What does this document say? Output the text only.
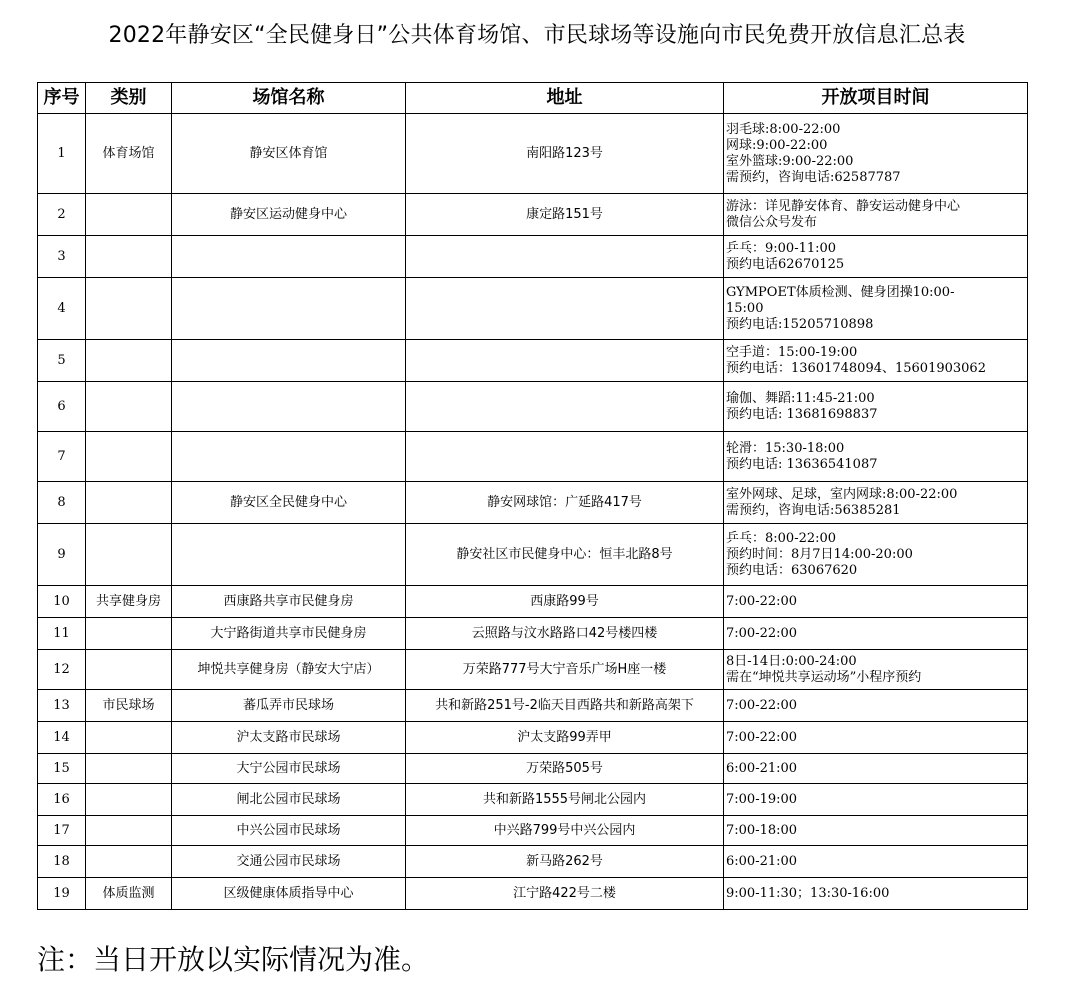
2022年静安区“全民健身日”公共体育场馆、市民球场等设施向市民免费开放信息汇总表
序号	类别	场馆名称	地址	开放项目时间
1	体育场馆	静安区体育馆	南阳路123号	羽毛球:8:00-22:00
网球:9:00-22:00
室外篮球:9:00-22:00
需预约，咨询电话:62587787
2		静安区运动健身中心	康定路151号	游泳：详见静安体育、静安运动健身中心
微信公众号发布
3				乒乓：9:00-11:00
预约电话62670125
4				GYMPOET体质检测、健身团操10:00-
15:00
预约电话:15205710898
5				空手道：15:00-19:00
预约电话：13601748094、15601903062
6				瑜伽、舞蹈:11:45-21:00
预约电话: 13681698837
7				轮滑：15:30-18:00
预约电话: 13636541087
8		静安区全民健身中心	静安网球馆：广延路417号	室外网球、足球，室内网球:8:00-22:00
需预约，咨询电话:56385281
9			静安社区市民健身中心：恒丰北路8号	乒乓：8:00-22:00
预约时间：8月7日14:00-20:00
预约电话：63067620
10	共享健身房	西康路共享市民健身房	西康路99号	7:00-22:00
11		大宁路街道共享市民健身房	云照路与汶水路路口42号楼四楼	7:00-22:00
12		坤悦共享健身房（静安大宁店）	万荣路777号大宁音乐广场H座一楼	8日-14日:0:00-24:00
需在“坤悦共享运动场”小程序预约
13	市民球场	蕃瓜弄市民球场	共和新路251号-2临天目西路共和新路高架下	7:00-22:00
14		沪太支路市民球场	沪太支路99弄甲	7:00-22:00
15		大宁公园市民球场	万荣路505号	6:00-21:00
16		闸北公园市民球场	共和新路1555号闸北公园内	7:00-19:00
17		中兴公园市民球场	中兴路799号中兴公园内	7:00-18:00
18		交通公园市民球场	新马路262号	6:00-21:00
19	体质监测	区级健康体质指导中心	江宁路422号二楼	9:00-11:30；13:30-16:00
注：当日开放以实际情况为准。
